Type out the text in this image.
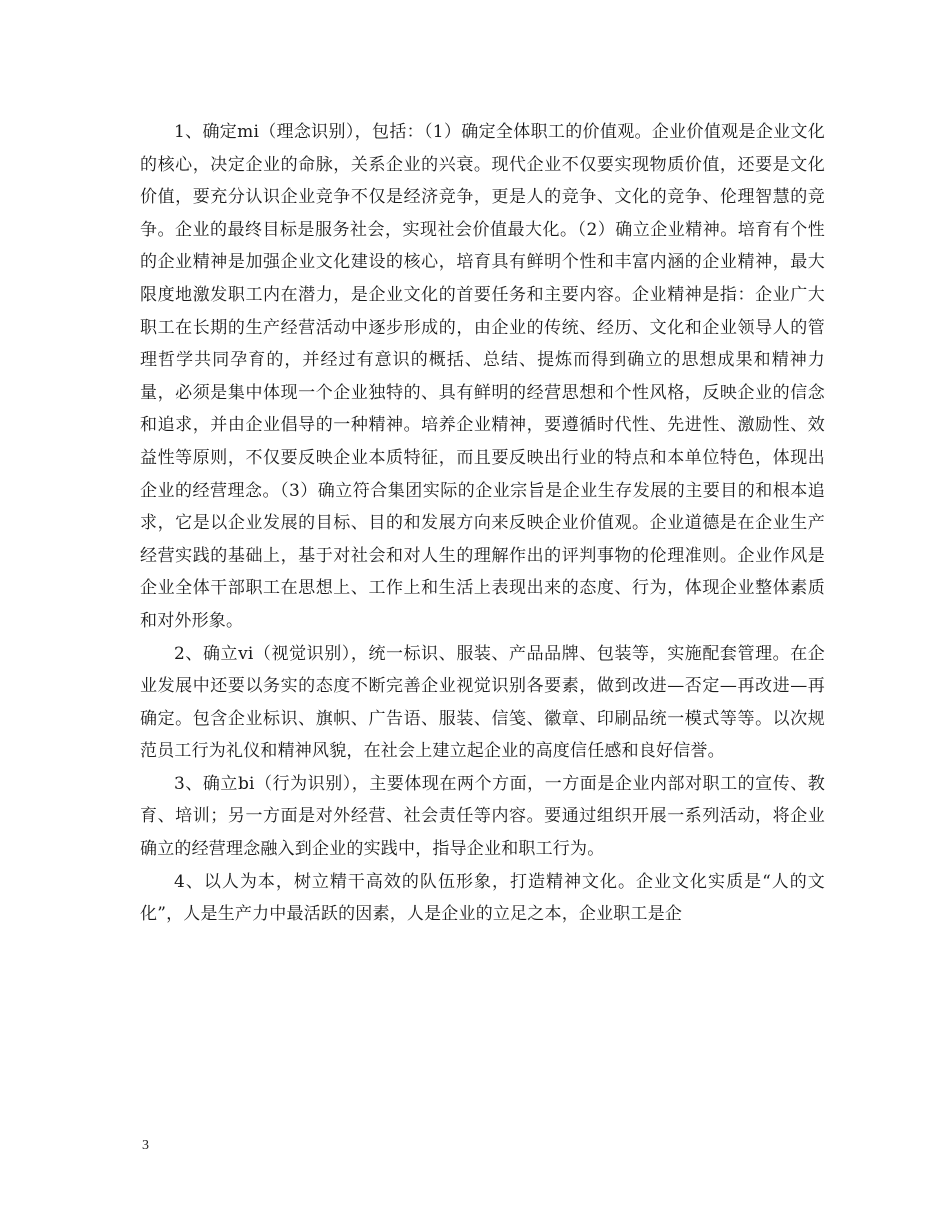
1、确定mi（理念识别），包括：（1）确定全体职工的价值观。企业价值观是企业文化的核心，决定企业的命脉，关系企业的兴衰。现代企业不仅要实现物质价值，还要是文化价值，要充分认识企业竞争不仅是经济竞争，更是人的竞争、文化的竞争、伦理智慧的竞争。企业的最终目标是服务社会，实现社会价值最大化。（2）确立企业精神。培育有个性的企业精神是加强企业文化建设的核心，培育具有鲜明个性和丰富内涵的企业精神，最大限度地激发职工内在潜力，是企业文化的首要任务和主要内容。企业精神是指：企业广大职工在长期的生产经营活动中逐步形成的，由企业的传统、经历、文化和企业领导人的管理哲学共同孕育的，并经过有意识的概括、总结、提炼而得到确立的思想成果和精神力量，必须是集中体现一个企业独特的、具有鲜明的经营思想和个性风格，反映企业的信念和追求，并由企业倡导的一种精神。培养企业精神，要遵循时代性、先进性、激励性、效益性等原则，不仅要反映企业本质特征，而且要反映出行业的特点和本单位特色，体现出企业的经营理念。（3）确立符合集团实际的企业宗旨是企业生存发展的主要目的和根本追求，它是以企业发展的目标、目的和发展方向来反映企业价值观。企业道德是在企业生产经营实践的基础上，基于对社会和对人生的理解作出的评判事物的伦理准则。企业作风是企业全体干部职工在思想上、工作上和生活上表现出来的态度、行为，体现企业整体素质和对外形象。

2、确立vi（视觉识别），统一标识、服装、产品品牌、包装等，实施配套管理。在企业发展中还要以务实的态度不断完善企业视觉识别各要素，做到改进—否定—再改进—再确定。包含企业标识、旗帜、广告语、服装、信笺、徽章、印刷品统一模式等等。以次规范员工行为礼仪和精神风貌，在社会上建立起企业的高度信任感和良好信誉。

3、确立bi（行为识别），主要体现在两个方面，一方面是企业内部对职工的宣传、教育、培训；另一方面是对外经营、社会责任等内容。要通过组织开展一系列活动，将企业确立的经营理念融入到企业的实践中，指导企业和职工行为。

4、以人为本，树立精干高效的队伍形象，打造精神文化。企业文化实质是“人的文化”，人是生产力中最活跃的因素，人是企业的立足之本，企业职工是企

3
